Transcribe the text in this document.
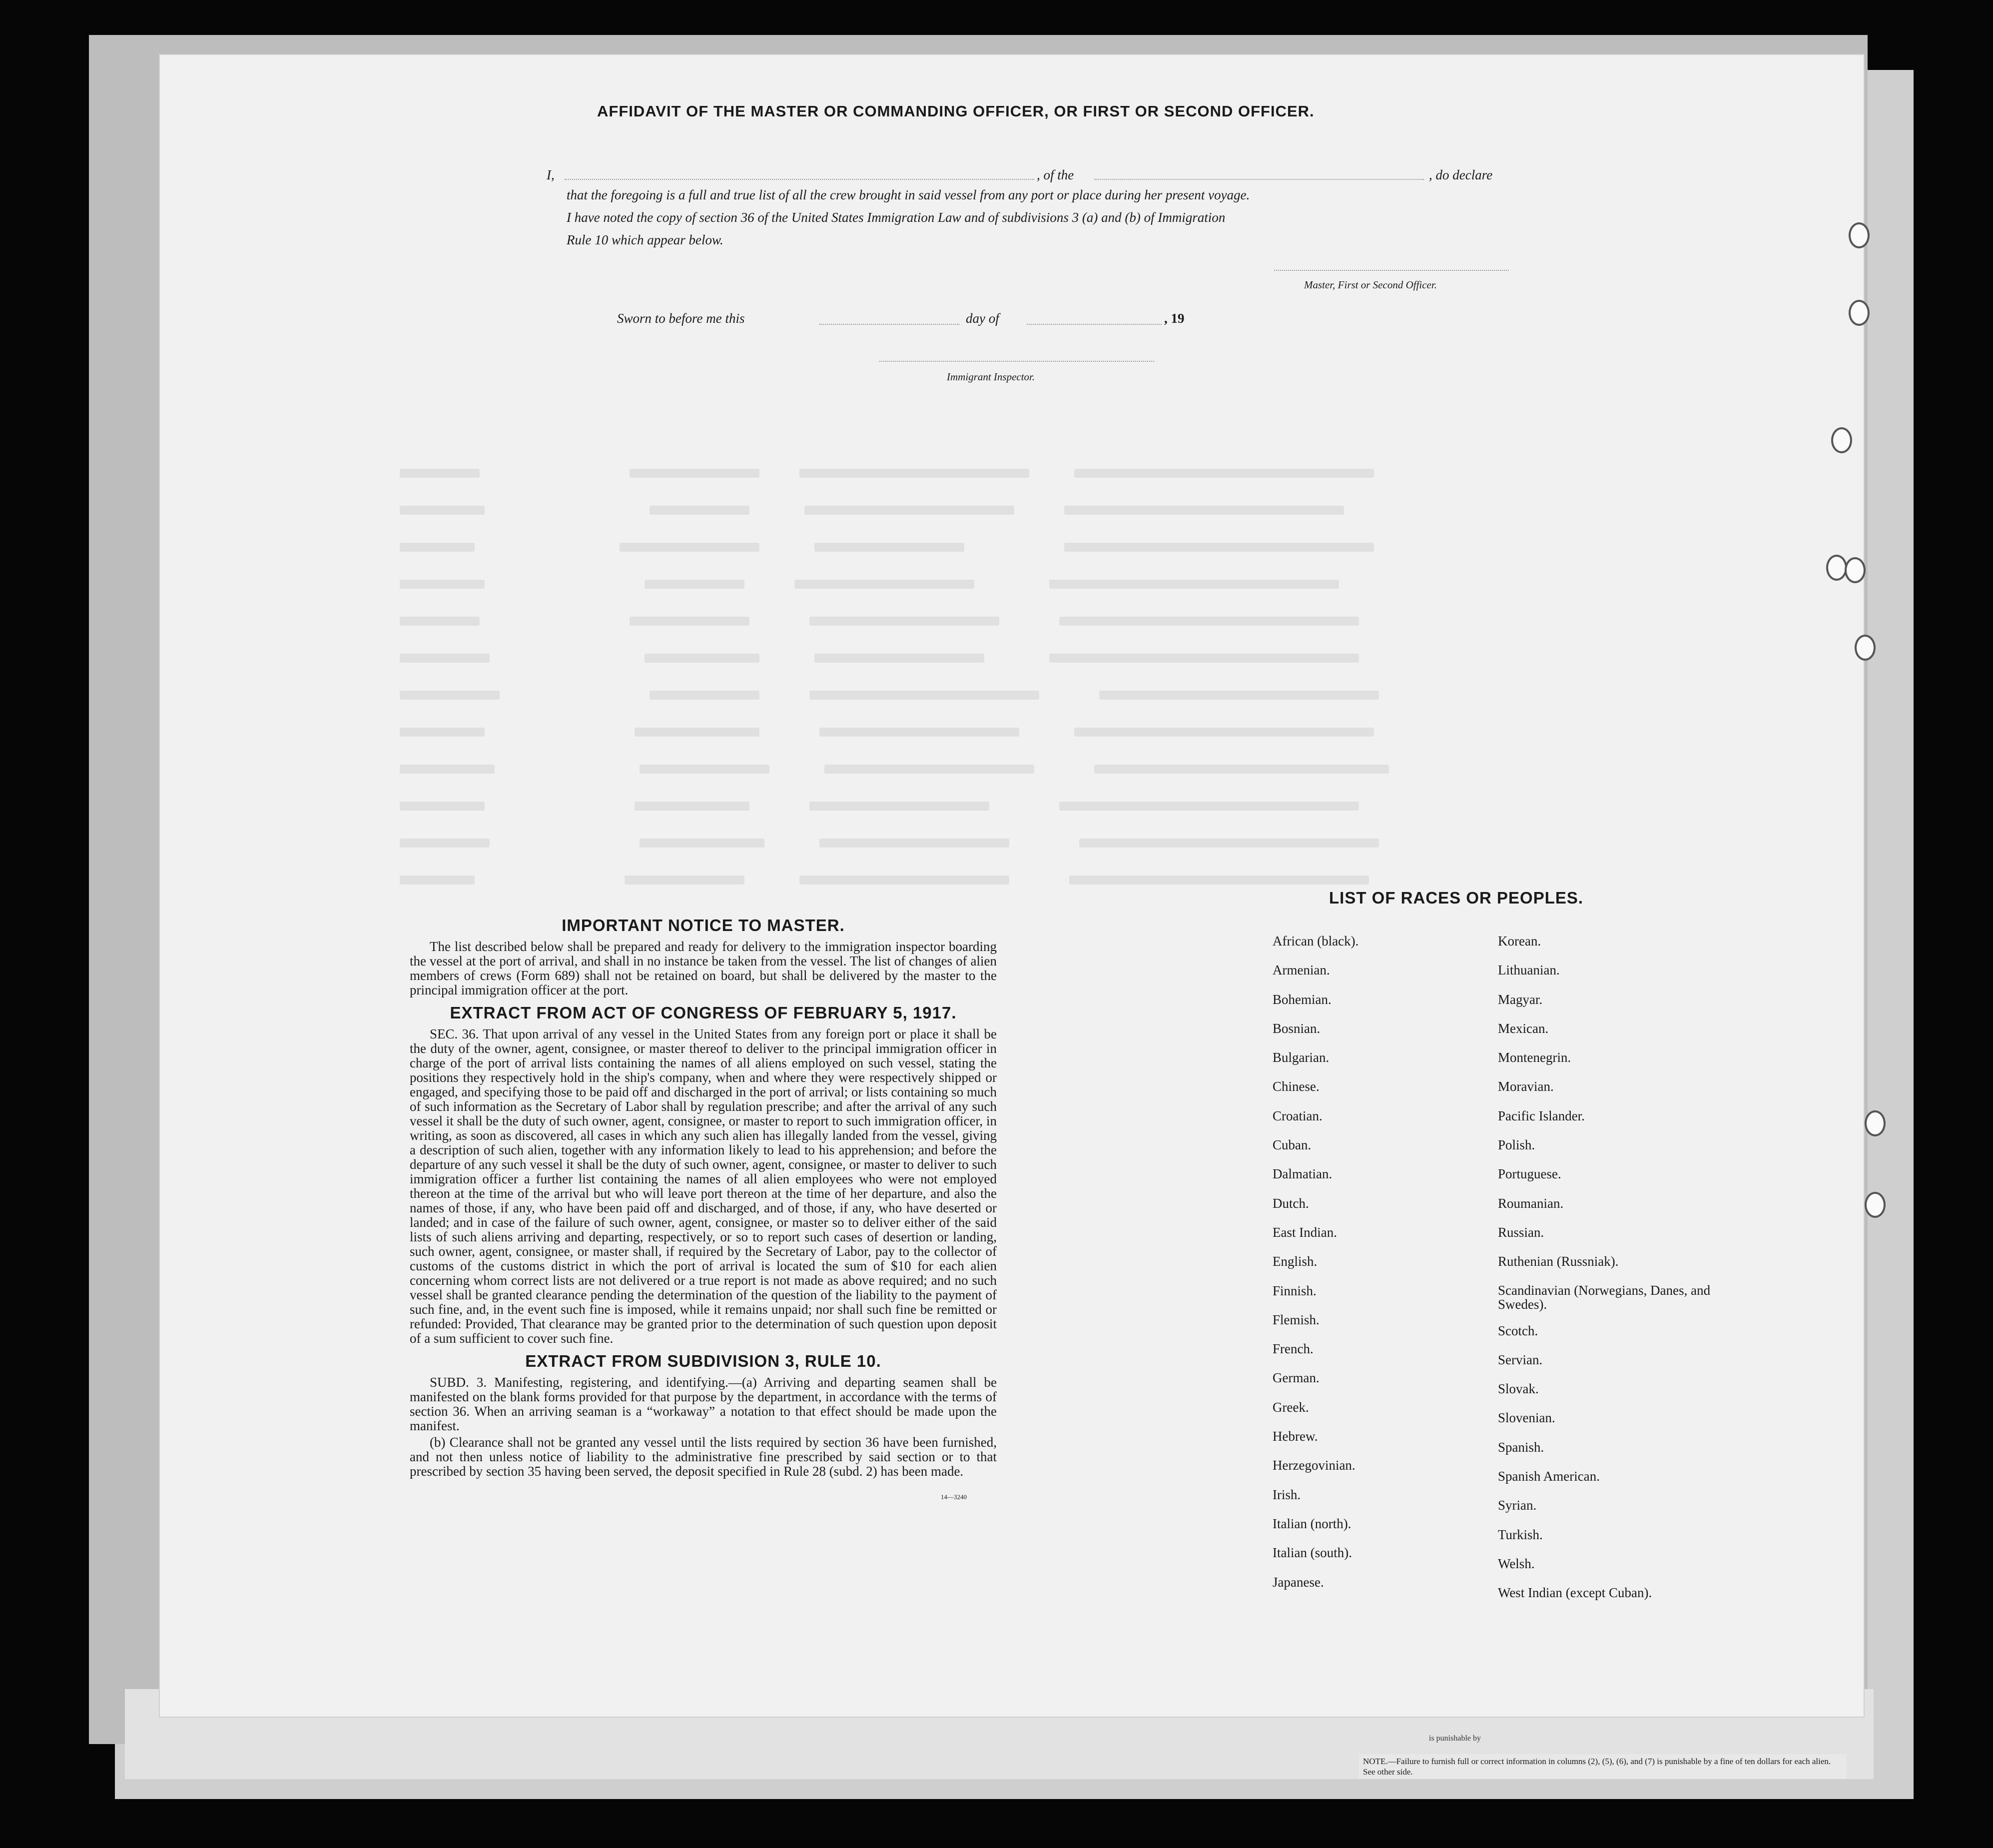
AFFIDAVIT OF THE MASTER OR COMMANDING OFFICER, OR FIRST OR SECOND OFFICER.
I,	, of the	, do declare
that the foregoing is a full and true list of all the crew brought in said vessel from any port or place during her present voyage.
I have noted the copy of section 36 of the United States Immigration Law and of subdivisions 3 (a) and (b) of Immigration
Rule 10 which appear below.
Master, First or Second Officer.
Sworn to before me this	day of	, 19
Immigrant Inspector.
IMPORTANT NOTICE TO MASTER.

The list described below shall be prepared and ready for delivery to the immigration inspector boarding the vessel at the port of arrival, and shall in no instance be taken from the vessel. The list of changes of alien members of crews (Form 689) shall not be retained on board, but shall be delivered by the master to the principal immigration officer at the port.

EXTRACT FROM ACT OF CONGRESS OF FEBRUARY 5, 1917.

SEC. 36. That upon arrival of any vessel in the United States from any foreign port or place it shall be the duty of the owner, agent, consignee, or master thereof to deliver to the principal immigration officer in charge of the port of arrival lists containing the names of all aliens employed on such vessel, stating the positions they respectively hold in the ship's company, when and where they were respectively shipped or engaged, and specifying those to be paid off and discharged in the port of arrival; or lists containing so much of such information as the Secretary of Labor shall by regulation prescribe; and after the arrival of any such vessel it shall be the duty of such owner, agent, consignee, or master to report to such immigration officer, in writing, as soon as discovered, all cases in which any such alien has illegally landed from the vessel, giving a description of such alien, together with any information likely to lead to his apprehension; and before the departure of any such vessel it shall be the duty of such owner, agent, consignee, or master to deliver to such immigration officer a further list containing the names of all alien employees who were not employed thereon at the time of the arrival but who will leave port thereon at the time of her departure, and also the names of those, if any, who have been paid off and discharged, and of those, if any, who have deserted or landed; and in case of the failure of such owner, agent, consignee, or master so to deliver either of the said lists of such aliens arriving and departing, respectively, or so to report such cases of desertion or landing, such owner, agent, consignee, or master shall, if required by the Secretary of Labor, pay to the collector of customs of the customs district in which the port of arrival is located the sum of $10 for each alien concerning whom correct lists are not delivered or a true report is not made as above required; and no such vessel shall be granted clearance pending the determination of the question of the liability to the payment of such fine, and, in the event such fine is imposed, while it remains unpaid; nor shall such fine be remitted or refunded: Provided, That clearance may be granted prior to the determination of such question upon deposit of a sum sufficient to cover such fine.

EXTRACT FROM SUBDIVISION 3, RULE 10.

SUBD. 3. Manifesting, registering, and identifying.—(a) Arriving and departing seamen shall be manifested on the blank forms provided for that purpose by the department, in accordance with the terms of section 36. When an arriving seaman is a “workaway” a notation to that effect should be made upon the manifest.

(b) Clearance shall not be granted any vessel until the lists required by section 36 have been furnished, and not then unless notice of liability to the administrative fine prescribed by said section or to that prescribed by section 35 having been served, the deposit specified in Rule 28 (subd. 2) has been made.

14—3240
LIST OF RACES OR PEOPLES.
African (black).
Armenian.
Bohemian.
Bosnian.
Bulgarian.
Chinese.
Croatian.
Cuban.
Dalmatian.
Dutch.
East Indian.
English.
Finnish.
Flemish.
French.
German.
Greek.
Hebrew.
Herzegovinian.
Irish.
Italian (north).
Italian (south).
Japanese.
Korean.
Lithuanian.
Magyar.
Mexican.
Montenegrin.
Moravian.
Pacific Islander.
Polish.
Portuguese.
Roumanian.
Russian.
Ruthenian (Russniak).
Scandinavian (Norwegians, Danes, and Swedes).
Scotch.
Servian.
Slovak.
Slovenian.
Spanish.
Spanish American.
Syrian.
Turkish.
Welsh.
West Indian (except Cuban).
is punishable by
NOTE.—Failure to furnish full or correct information in columns (2), (5), (6), and (7) is punishable by a fine of ten dollars for each alien. See other side.
